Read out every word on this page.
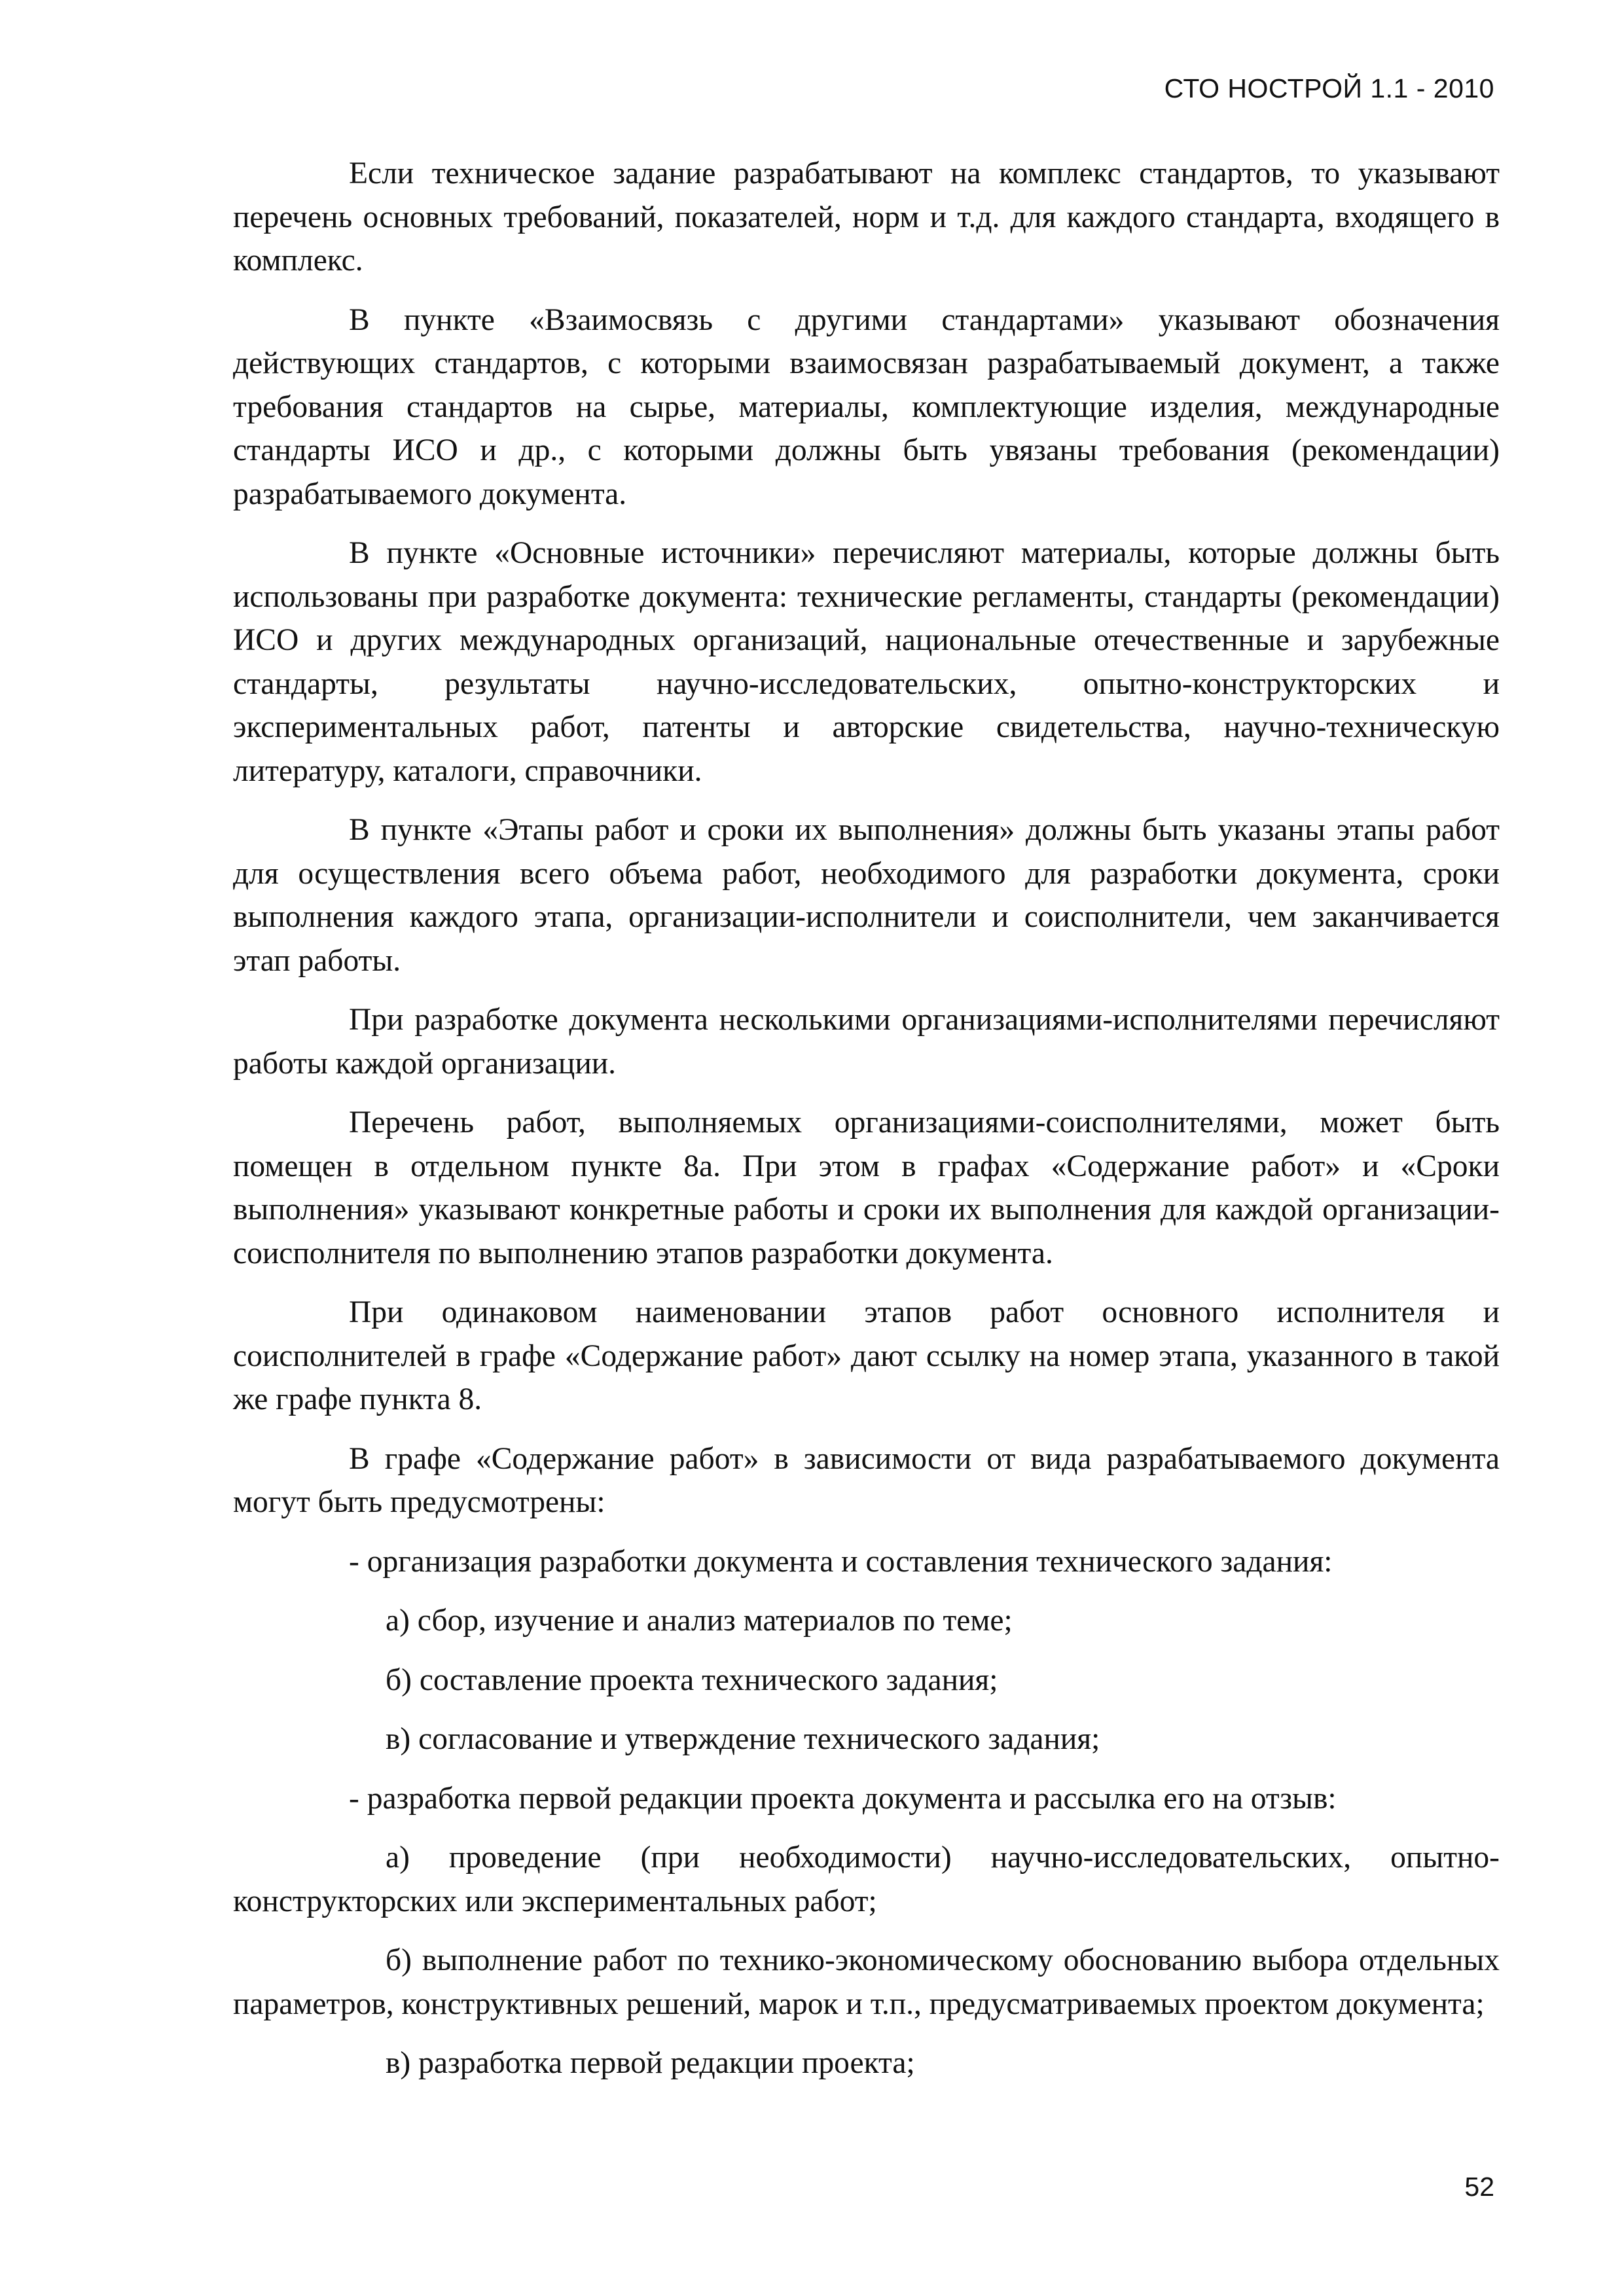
СТО НОСТРОЙ 1.1 - 2010

Если техническое задание разрабатывают на комплекс стандартов, то указывают перечень основных требований, показателей, норм и т.д. для каждого стандарта, входящего в комплекс.

В пункте «Взаимосвязь с другими стандартами» указывают обозначения действующих стандартов, с которыми взаимосвязан разрабатываемый документ, а также требования стандартов на сырье, материалы, комплектующие изделия, международные стандарты ИСО и др., с которыми должны быть увязаны требования (рекомендации) разрабатываемого документа.

В пункте «Основные источники» перечисляют материалы, которые должны быть использованы при разработке документа: технические регламенты, стандарты (рекомендации) ИСО и других международных организаций, национальные отечественные и зарубежные стандарты, результаты научно-исследовательских, опытно-конструкторских и экспериментальных работ, патенты и авторские свидетельства, научно-техническую литературу, каталоги, справочники.

В пункте «Этапы работ и сроки их выполнения» должны быть указаны этапы работ для осуществления всего объема работ, необходимого для разработки документа, сроки выполнения каждого этапа, организации-исполнители и соисполнители, чем заканчивается этап работы.

При разработке документа несколькими организациями-исполнителями перечисляют работы каждой организации.

Перечень работ, выполняемых организациями-соисполнителями, может быть помещен в отдельном пункте 8а. При этом в графах «Содержание работ» и «Сроки выполнения» указывают конкретные работы и сроки их выполнения для каждой организации-соисполнителя по выполнению этапов разработки документа.

При одинаковом наименовании этапов работ основного исполнителя и соисполнителей в графе «Содержание работ» дают ссылку на номер этапа, указанного в такой же графе пункта 8.

В графе «Содержание работ» в зависимости от вида разрабатываемого документа могут быть предусмотрены:

- организация разработки документа и составления технического задания:

а) сбор, изучение и анализ материалов по теме;

б) составление проекта технического задания;

в) согласование и утверждение технического задания;

- разработка первой редакции проекта документа и рассылка его на отзыв:

а) проведение (при необходимости) научно-исследовательских, опытно-конструкторских или экспериментальных работ;

б) выполнение работ по технико-экономическому обоснованию выбора отдельных параметров, конструктивных решений, марок и т.п., предусматриваемых проектом документа;

в) разработка первой редакции проекта;

52
